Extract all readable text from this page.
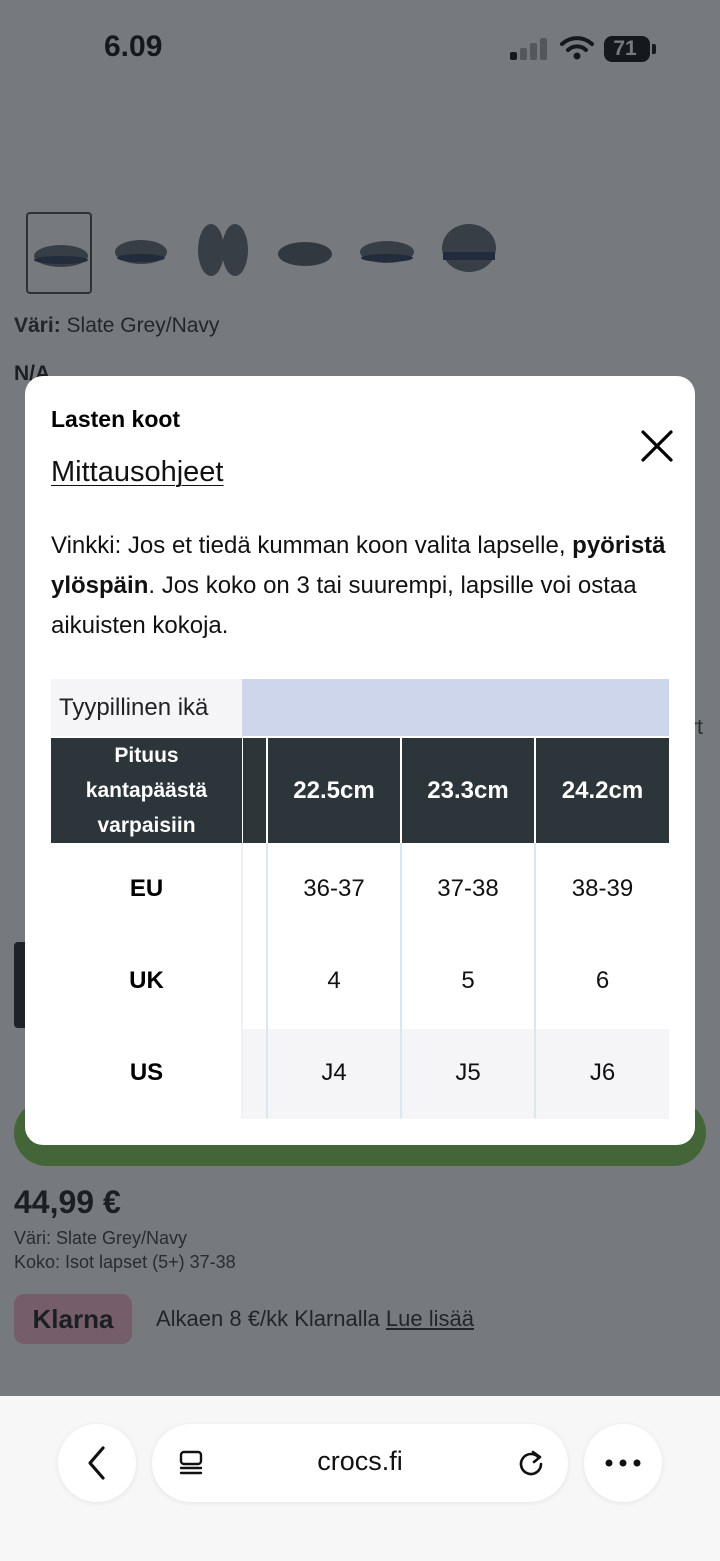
Lasten koot
Mittausohjeet
Vinkki: Jos et tiedä kumman koon valita lapselle, pyöristä ylöspäin. Jos koko on 3 tai suurempi, lapsille voi ostaa aikuisten kokoja.
Tyypillinen ikä
Pituus
kantapäästä
varpaisiin
22.5cm	23.3cm	24.2cm
EU	36-37	37-38	38-39
UK	4	5	6
US	J4	J5	J6
crocs.fi
